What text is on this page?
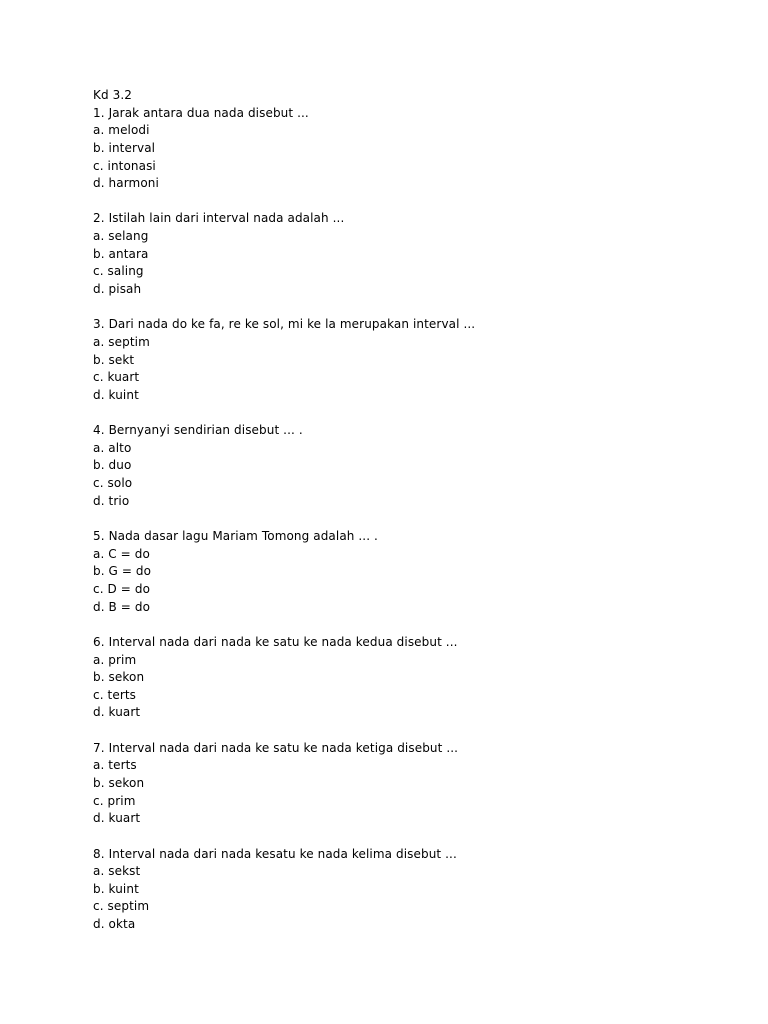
Kd 3.2
1. Jarak antara dua nada disebut ...
a. melodi
b. interval
c. intonasi
d. harmoni
2. Istilah lain dari interval nada adalah ...
a. selang
b. antara
c. saling
d. pisah
3. Dari nada do ke fa, re ke sol, mi ke la merupakan interval ...
a. septim
b. sekt
c. kuart
d. kuint
4. Bernyanyi sendirian disebut ... .
a. alto
b. duo
c. solo
d. trio
5. Nada dasar lagu Mariam Tomong adalah ... .
a. C = do
b. G = do
c. D = do
d. B = do
6. Interval nada dari nada ke satu ke nada kedua disebut ...
a. prim
b. sekon
c. terts
d. kuart
7. Interval nada dari nada ke satu ke nada ketiga disebut ...
a. terts
b. sekon
c. prim
d. kuart
8. Interval nada dari nada kesatu ke nada kelima disebut ...
a. sekst
b. kuint
c. septim
d. okta
